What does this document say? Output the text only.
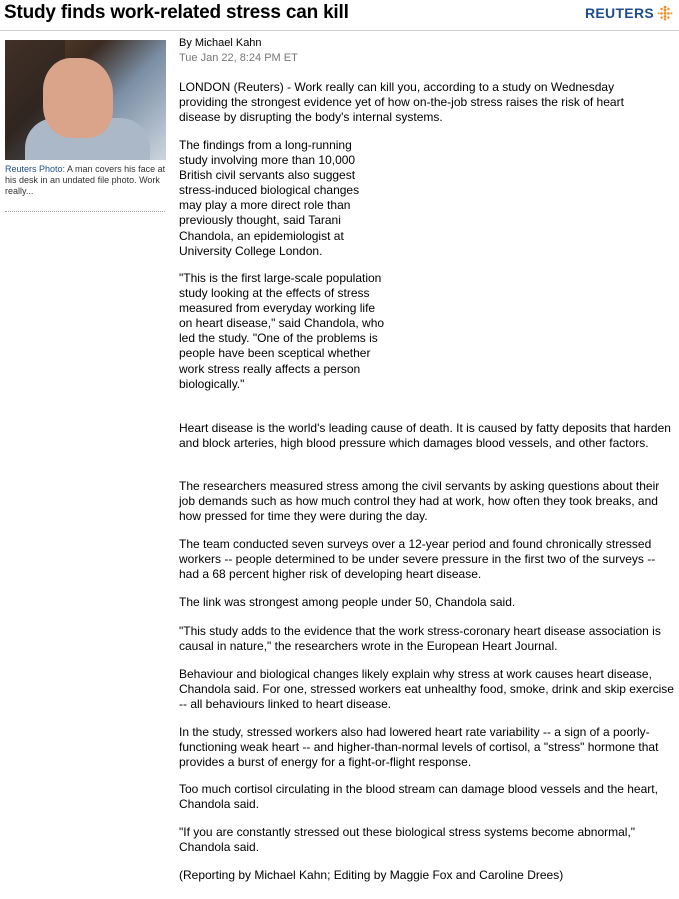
Study finds work-related stress can kill	REUTERS
Reuters Photo: A man covers his face at his desk in an undated file photo. Work really...
By Michael Kahn
Tue Jan 22, 8:24 PM ET

LONDON (Reuters) - Work really can kill you, according to a study on Wednesday providing the strongest evidence yet of how on-the-job stress raises the risk of heart disease by disrupting the body's internal systems.

The findings from a long-running study involving more than 10,000 British civil servants also suggest stress-induced biological changes may play a more direct role than previously thought, said Tarani Chandola, an epidemiologist at University College London.

"This is the first large-scale population study looking at the effects of stress measured from everyday working life on heart disease," said Chandola, who led the study. "One of the problems is people have been sceptical whether work stress really affects a person biologically."

Heart disease is the world's leading cause of death. It is caused by fatty deposits that harden and block arteries, high blood pressure which damages blood vessels, and other factors.

The researchers measured stress among the civil servants by asking questions about their job demands such as how much control they had at work, how often they took breaks, and how pressed for time they were during the day.

The team conducted seven surveys over a 12-year period and found chronically stressed workers -- people determined to be under severe pressure in the first two of the surveys -- had a 68 percent higher risk of developing heart disease.

The link was strongest among people under 50, Chandola said.

"This study adds to the evidence that the work stress-coronary heart disease association is causal in nature," the researchers wrote in the European Heart Journal.

Behaviour and biological changes likely explain why stress at work causes heart disease, Chandola said. For one, stressed workers eat unhealthy food, smoke, drink and skip exercise -- all behaviours linked to heart disease.

In the study, stressed workers also had lowered heart rate variability -- a sign of a poorly-functioning weak heart -- and higher-than-normal levels of cortisol, a "stress" hormone that provides a burst of energy for a fight-or-flight response.

Too much cortisol circulating in the blood stream can damage blood vessels and the heart, Chandola said.

"If you are constantly stressed out these biological stress systems become abnormal," Chandola said.

(Reporting by Michael Kahn; Editing by Maggie Fox and Caroline Drees)
